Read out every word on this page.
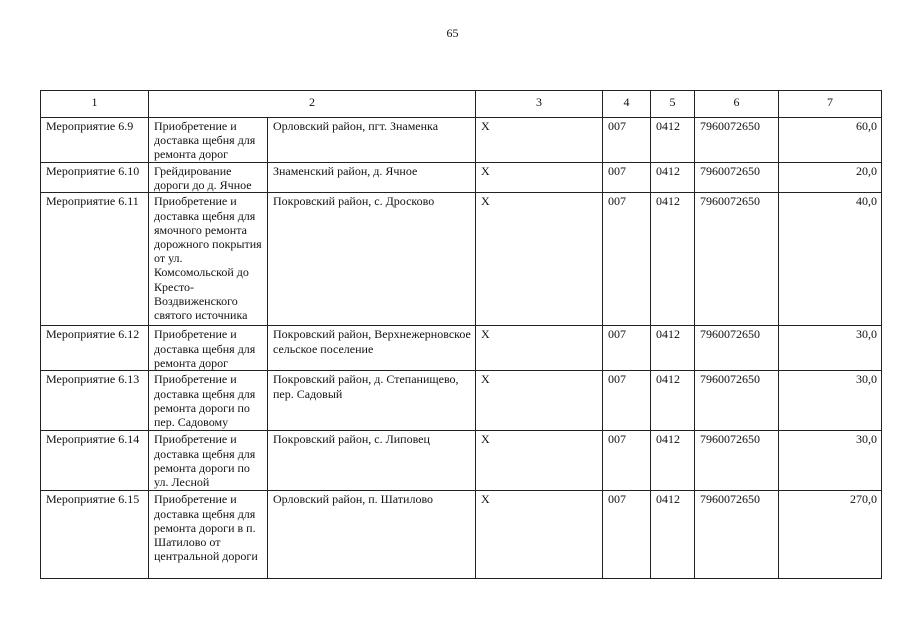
65
1	2		3	4	5	6	7
Мероприятие 6.9	Приобретение и доставка щебня для ремонта дорог	Орловский район, пгт. Знаменка	Х	007	0412	7960072650	60,0
Мероприятие 6.10	Грейдирование дороги до д. Ячное	Знаменский район, д. Ячное	Х	007	0412	7960072650	20,0
Мероприятие 6.11	Приобретение и доставка щебня для ямочного ремонта дорожного покрытия от ул. Комсомольской до Кресто-Воздвиженского святого источника	Покровский район, с. Дросково	Х	007	0412	7960072650	40,0
Мероприятие 6.12	Приобретение и доставка щебня для ремонта дорог	Покровский район, Верхнежерновское сельское поселение	Х	007	0412	7960072650	30,0
Мероприятие 6.13	Приобретение и доставка щебня для ремонта дороги по пер. Садовому	Покровский район, д. Степанищево, пер. Садовый	Х	007	0412	7960072650	30,0
Мероприятие 6.14	Приобретение и доставка щебня для ремонта дороги по ул. Лесной	Покровский район, с. Липовец	Х	007	0412	7960072650	30,0
Мероприятие 6.15	Приобретение и доставка щебня для ремонта дороги в п. Шатилово от центральной дороги	Орловский район, п. Шатилово	Х	007	0412	7960072650	270,0
